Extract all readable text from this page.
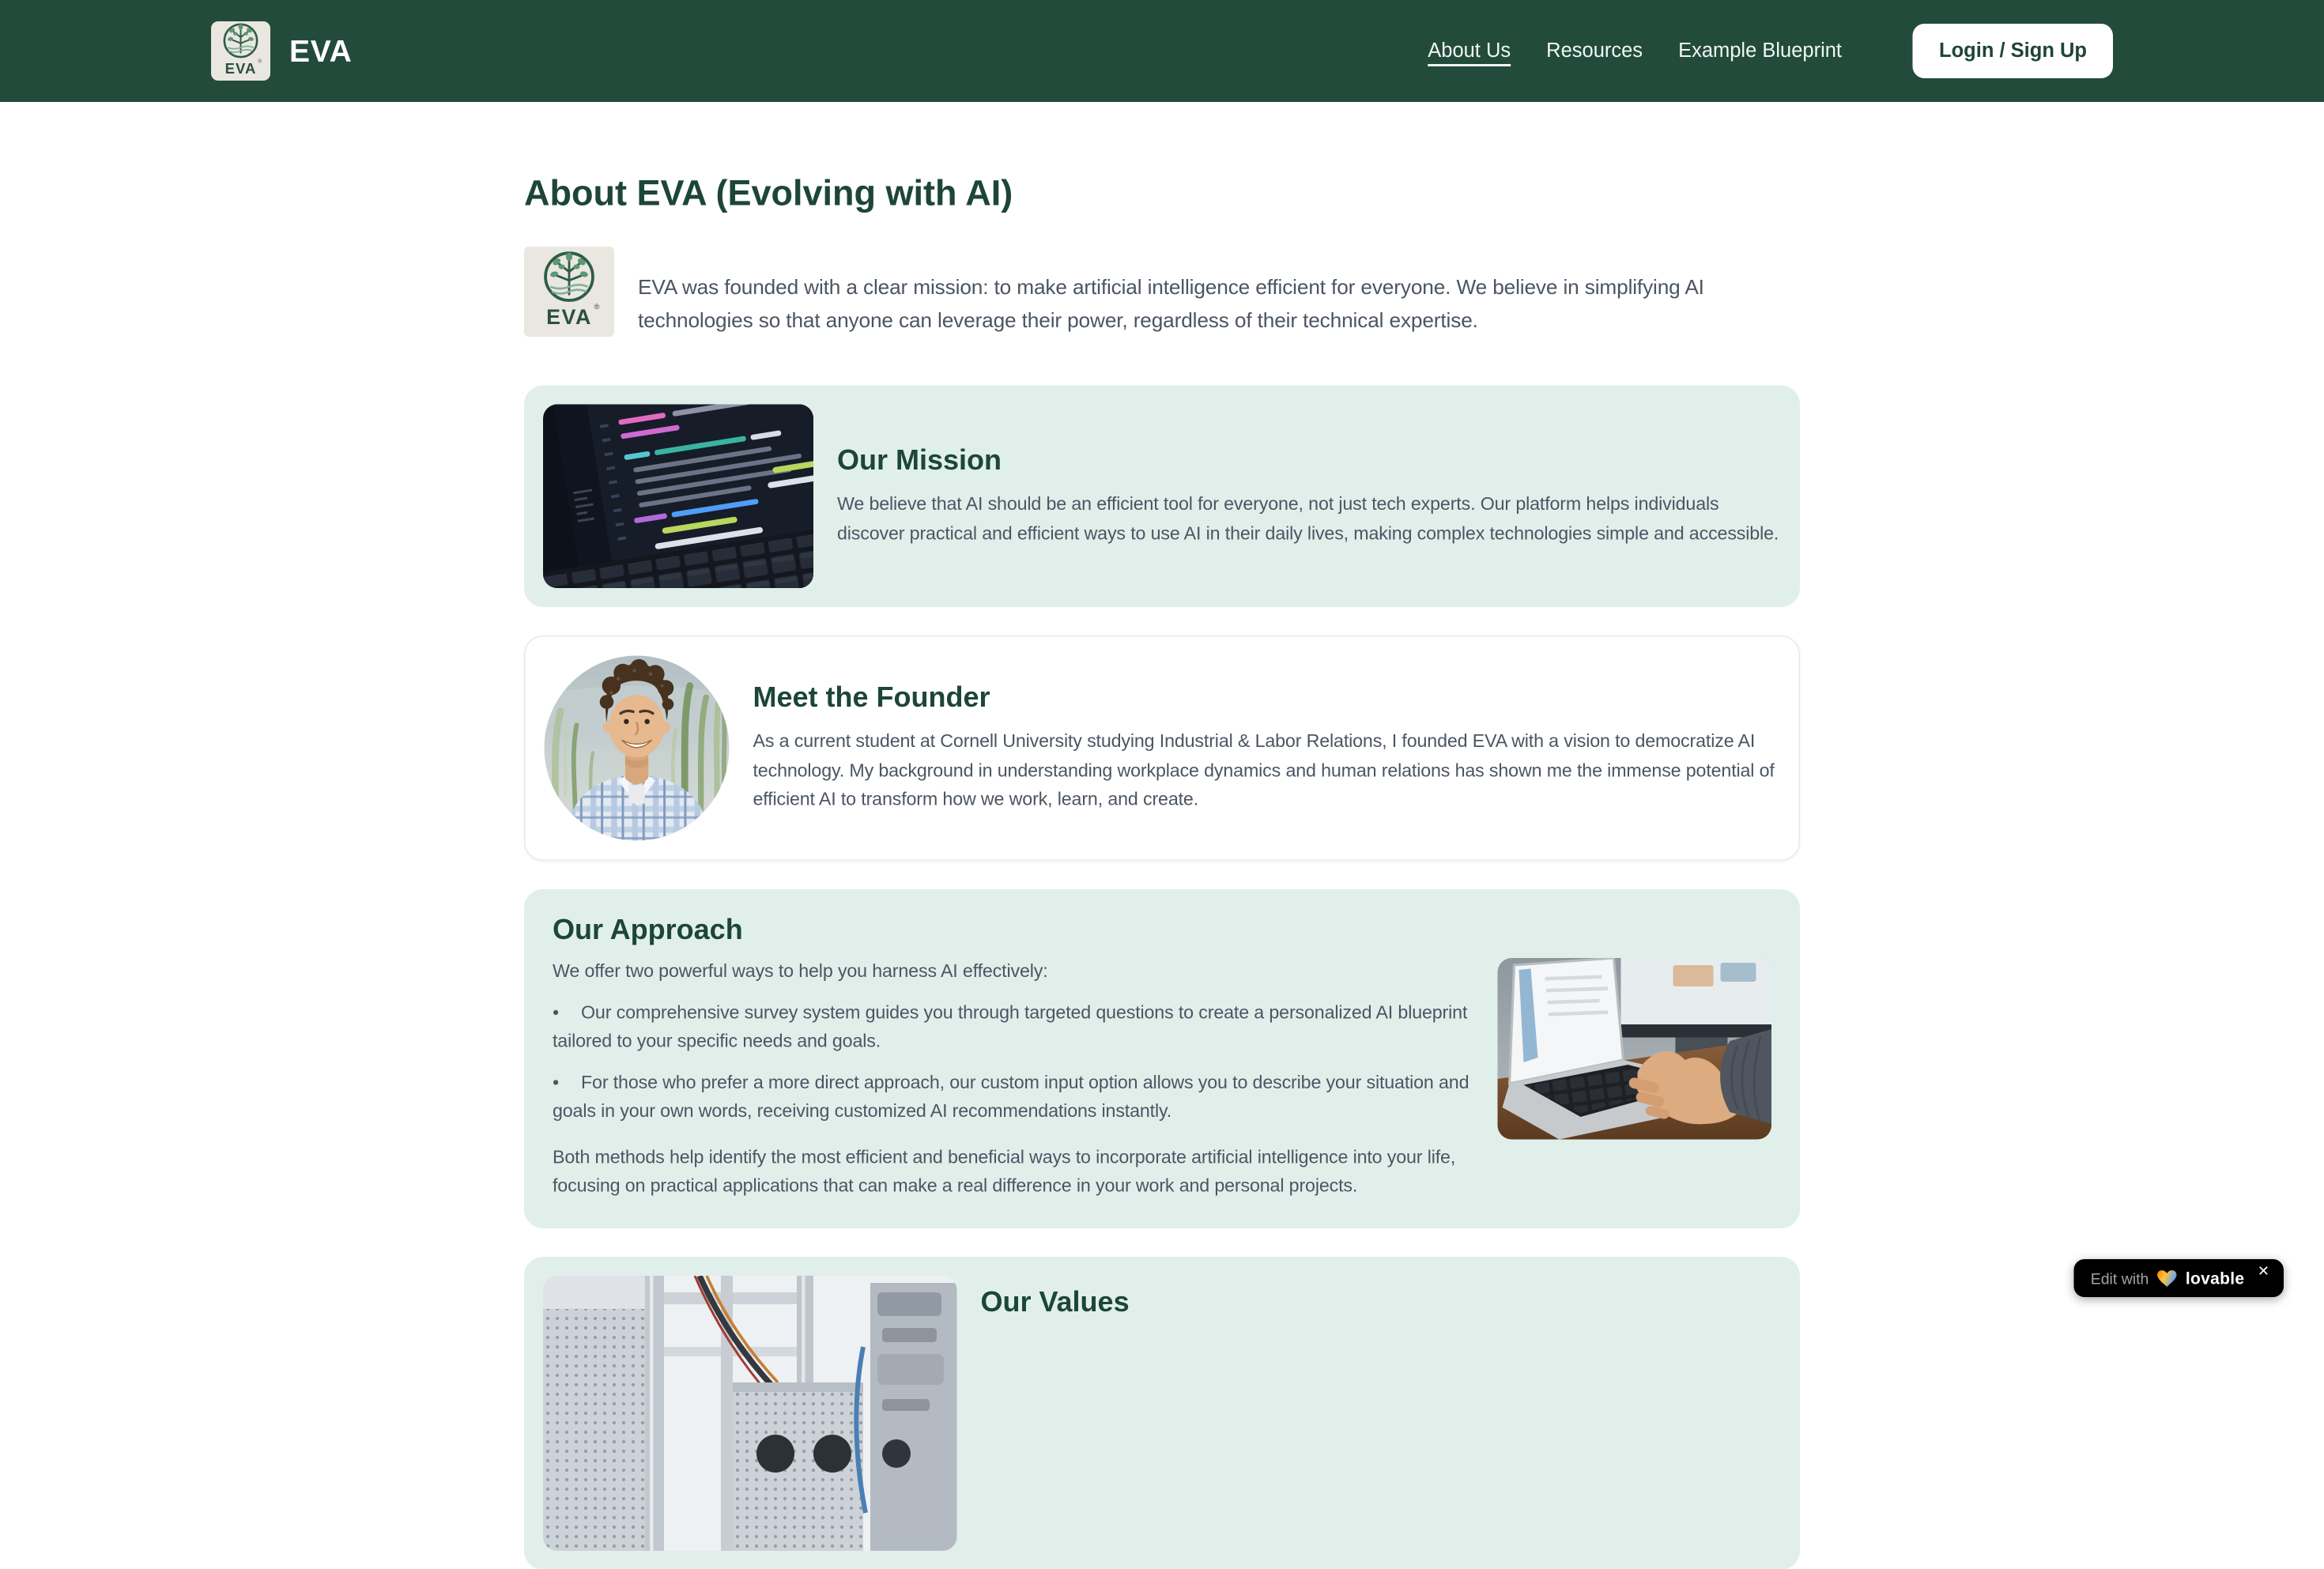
EVA ® EVA	About Us	Resources	Example Blueprint	Login / Sign Up
About EVA (Evolving with AI)
EVA ®

EVA was founded with a clear mission: to make artificial intelligence efficient for everyone. We believe in simplifying AI technologies so that anyone can leverage their power, regardless of their technical expertise.

Our Mission

We believe that AI should be an efficient tool for everyone, not just tech experts. Our platform helps individuals discover practical and efficient ways to use AI in their daily lives, making complex technologies simple and accessible.

Meet the Founder

As a current student at Cornell University studying Industrial & Labor Relations, I founded EVA with a vision to democratize AI technology. My background in understanding workplace dynamics and human relations has shown me the immense potential of efficient AI to transform how we work, learn, and create.

Our Approach

We offer two powerful ways to help you harness AI effectively:

• Our comprehensive survey system guides you through targeted questions to create a personalized AI blueprint tailored to your specific needs and goals.

• For those who prefer a more direct approach, our custom input option allows you to describe your situation and goals in your own words, receiving customized AI recommendations instantly.

Both methods help identify the most efficient and beneficial ways to incorporate artificial intelligence into your life, focusing on practical applications that can make a real difference in your work and personal projects.

Our Values
Edit with	lovable ✕
